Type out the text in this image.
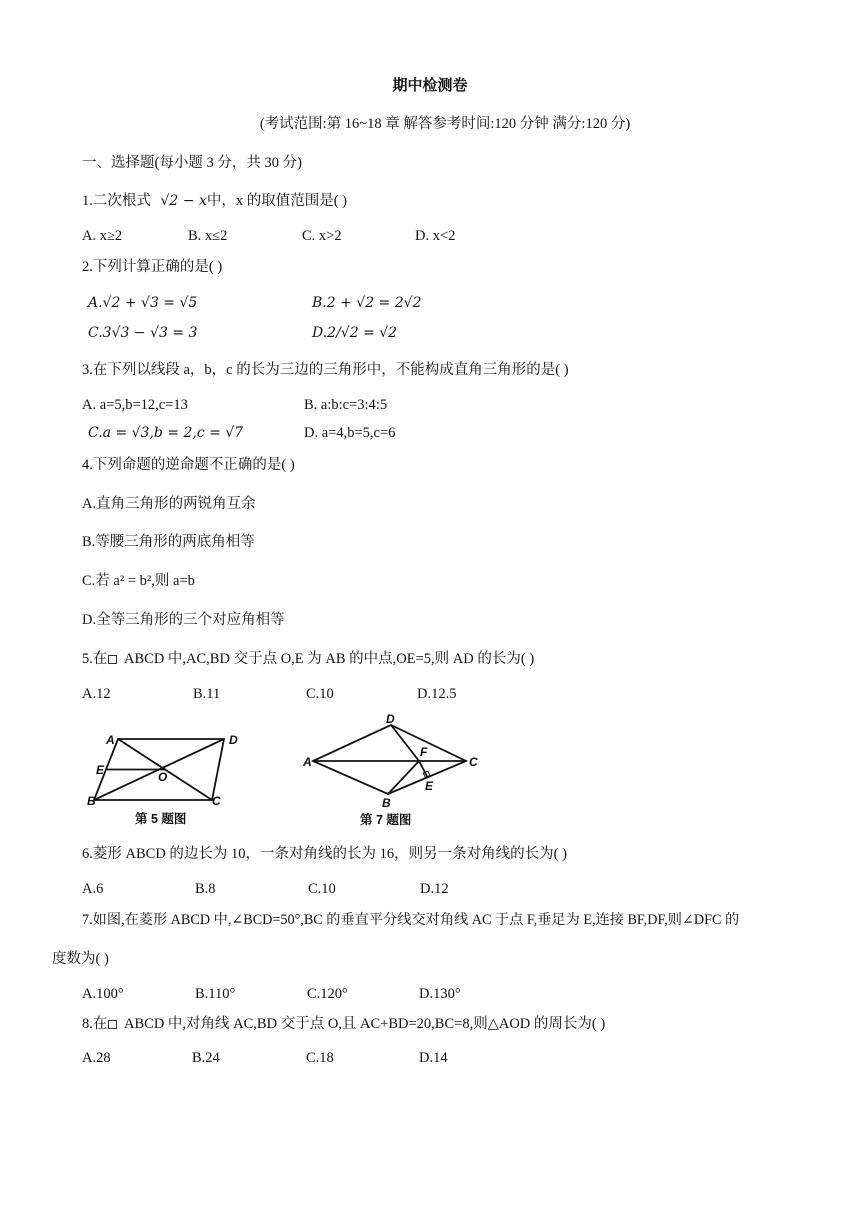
期中检测卷
(考试范围:第 16~18 章 解答参考时间:120 分钟 满分:120 分)
一、选择题(每小题 3 分，共 30 分)
1.二次根式 √2 − x中，x 的取值范围是( )
A. x≥2	B. x≤2	C. x>2	D. x<2
2.下列计算正确的是( )
A.√2 + √3 = √5	B.2 + √2 = 2√2
C.3√3 − √3 = 3	D.2/√2 = √2
3.在下列以线段 a，b，c 的长为三边的三角形中，不能构成直角三角形的是( )
A. a=5,b=12,c=13	B. a:b:c=3:4:5
C.a = √3,b = 2,c = √7	D. a=4,b=5,c=6
4.下列命题的逆命题不正确的是( )
A.直角三角形的两锐角互余
B.等腰三角形的两底角相等
C.若 a² = b²,则 a=b
D.全等三角形的三个对应角相等
5.在 ABCD 中,AC,BD 交于点 O,E 为 AB 的中点,OE=5,则 AD 的长为( )
A.12	B.11	C.10	D.12.5
A	D
E	O
B	C
第 5 题图
D
A
F
C
E
B
第 7 题图
6.菱形 ABCD 的边长为 10，一条对角线的长为 16，则另一条对角线的长为( )
A.6	B.8	C.10	D.12
7.如图,在菱形 ABCD 中,∠BCD=50°,BC 的垂直平分线交对角线 AC 于点 F,垂足为 E,连接 BF,DF,则∠DFC 的
度数为( )
A.100°	B.110°	C.120°	D.130°
8.在 ABCD 中,对角线 AC,BD 交于点 O,且 AC+BD=20,BC=8,则△AOD 的周长为( )
A.28	B.24	C.18	D.14
